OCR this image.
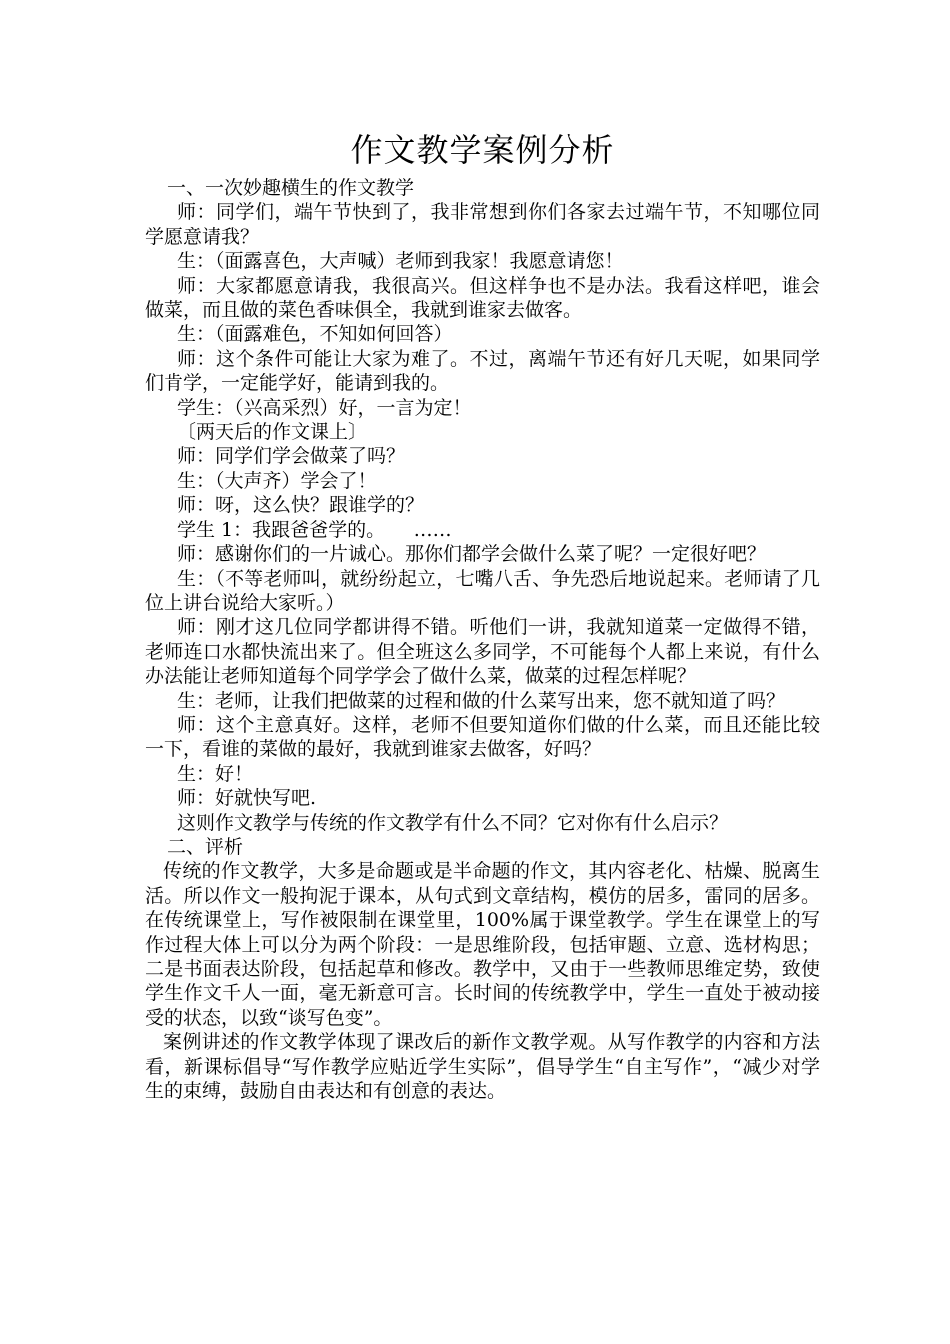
作文教学案例分析

一、一次妙趣横生的作文教学

师：同学们，端午节快到了，我非常想到你们各家去过端午节，不知哪位同学愿意请我？

生：（面露喜色，大声喊）老师到我家！我愿意请您！

师：大家都愿意请我，我很高兴。但这样争也不是办法。我看这样吧，谁会做菜，而且做的菜色香味俱全，我就到谁家去做客。

生：（面露难色，不知如何回答）

师：这个条件可能让大家为难了。不过，离端午节还有好几天呢，如果同学们肯学，一定能学好，能请到我的。

学生：（兴高采烈）好，一言为定！

〔两天后的作文课上〕

师：同学们学会做菜了吗？

生：（大声齐）学会了！

师：呀，这么快？跟谁学的？

学生 1：我跟爸爸学的。　　……

师：感谢你们的一片诚心。那你们都学会做什么菜了呢？一定很好吧？

生：（不等老师叫，就纷纷起立，七嘴八舌、争先恐后地说起来。老师请了几位上讲台说给大家听。）

师：刚才这几位同学都讲得不错。听他们一讲，我就知道菜一定做得不错，老师连口水都快流出来了。但全班这么多同学，不可能每个人都上来说，有什么办法能让老师知道每个同学学会了做什么菜，做菜的过程怎样呢？

生：老师，让我们把做菜的过程和做的什么菜写出来，您不就知道了吗？

师：这个主意真好。这样，老师不但要知道你们做的什么菜，而且还能比较一下，看谁的菜做的最好，我就到谁家去做客，好吗？

生：好！

师：好就快写吧.

这则作文教学与传统的作文教学有什么不同？它对你有什么启示？

二、评析

传统的作文教学，大多是命题或是半命题的作文，其内容老化、枯燥、脱离生活。所以作文一般拘泥于课本，从句式到文章结构，模仿的居多，雷同的居多。在传统课堂上，写作被限制在课堂里，100%属于课堂教学。学生在课堂上的写作过程大体上可以分为两个阶段：一是思维阶段，包括审题、立意、选材构思；二是书面表达阶段，包括起草和修改。教学中，又由于一些教师思维定势，致使学生作文千人一面，毫无新意可言。长时间的传统教学中，学生一直处于被动接受的状态，以致“谈写色变”。

案例讲述的作文教学体现了课改后的新作文教学观。从写作教学的内容和方法看，新课标倡导“写作教学应贴近学生实际”，倡导学生“自主写作”，“减少对学生的束缚，鼓励自由表达和有创意的表达。
